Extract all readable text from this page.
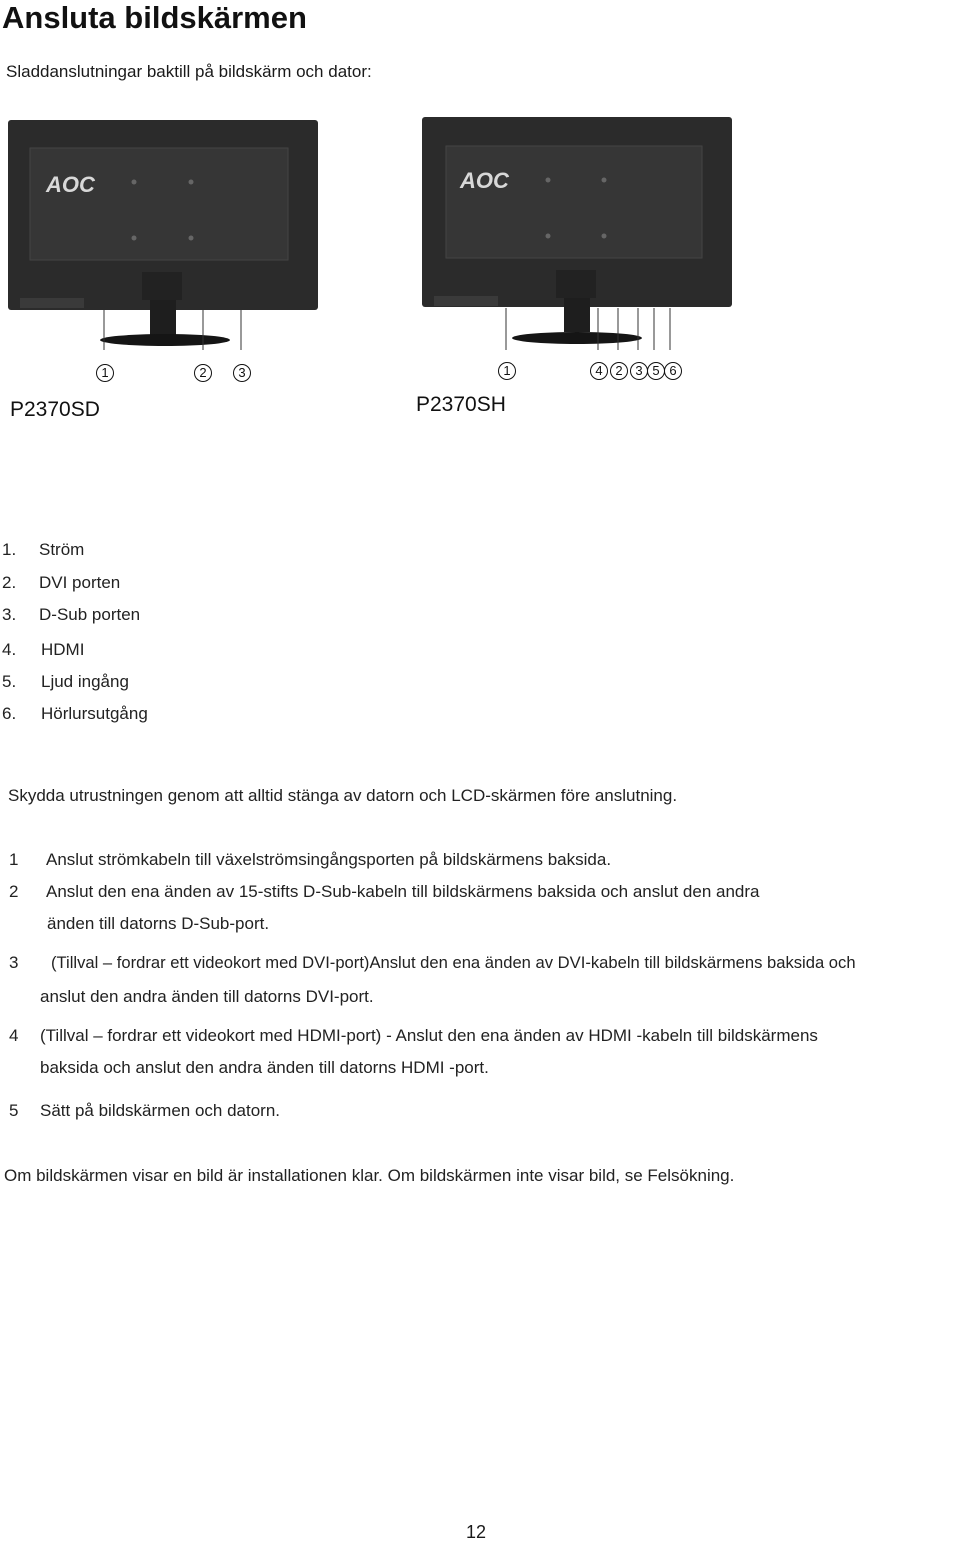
Ansluta bildskärmen
Sladdanslutningar baktill på bildskärm och dator:
AOC
1	2	3
P2370SD
AOC
1	4 2 3 5 6
P2370SH
1. Ström
2. DVI porten
3. D-Sub porten
4. HDMI
5. Ljud ingång
6. Hörlursutgång
Skydda utrustningen genom att alltid stänga av datorn och LCD-skärmen före anslutning.
1 Anslut strömkabeln till växelströmsingångsporten på bildskärmens baksida.
2 Anslut den ena änden av 15-stifts D-Sub-kabeln till bildskärmens baksida och anslut den andra
änden till datorns D-Sub-port.
3 (Tillval – fordrar ett videokort med DVI-port)Anslut den ena änden av DVI-kabeln till bildskärmens baksida och
anslut den andra änden till datorns DVI-port.
4 (Tillval – fordrar ett videokort med HDMI-port) - Anslut den ena änden av HDMI -kabeln till bildskärmens
baksida och anslut den andra änden till datorns HDMI -port.
5 Sätt på bildskärmen och datorn.
Om bildskärmen visar en bild är installationen klar. Om bildskärmen inte visar bild, se Felsökning.
12
